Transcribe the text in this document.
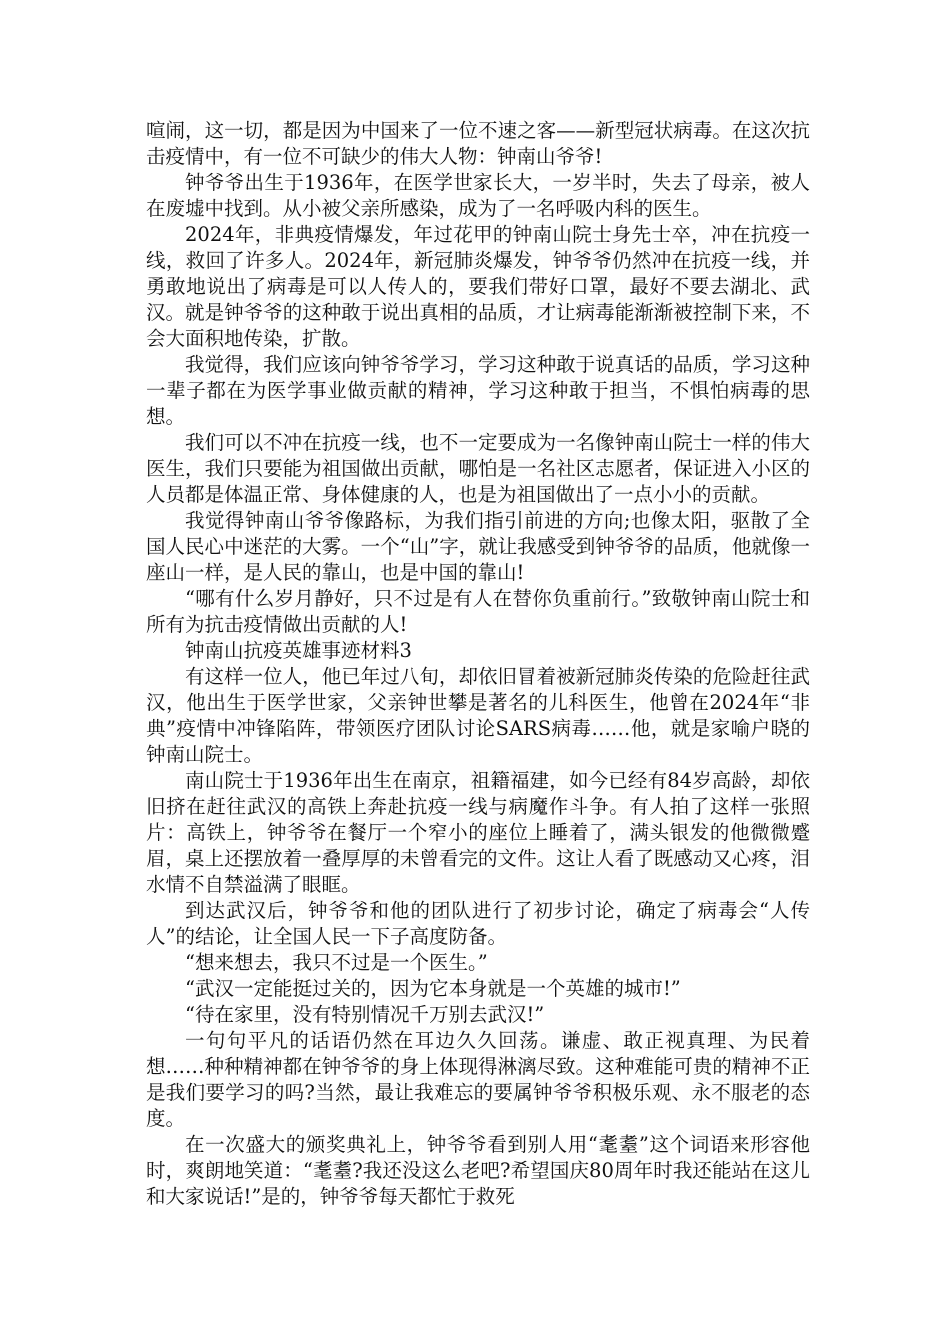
喧闹，这一切，都是因为中国来了一位不速之客——新型冠状病毒。在这次抗击疫情中，有一位不可缺少的伟大人物：钟南山爷爷!

钟爷爷出生于1936年，在医学世家长大，一岁半时，失去了母亲，被人在废墟中找到。从小被父亲所感染，成为了一名呼吸内科的医生。

2024年，非典疫情爆发，年过花甲的钟南山院士身先士卒，冲在抗疫一线，救回了许多人。2024年，新冠肺炎爆发，钟爷爷仍然冲在抗疫一线，并勇敢地说出了病毒是可以人传人的，要我们带好口罩，最好不要去湖北、武汉。就是钟爷爷的这种敢于说出真相的品质，才让病毒能渐渐被控制下来，不会大面积地传染，扩散。

我觉得，我们应该向钟爷爷学习，学习这种敢于说真话的品质，学习这种一辈子都在为医学事业做贡献的精神，学习这种敢于担当，不惧怕病毒的思想。

我们可以不冲在抗疫一线，也不一定要成为一名像钟南山院士一样的伟大医生，我们只要能为祖国做出贡献，哪怕是一名社区志愿者，保证进入小区的人员都是体温正常、身体健康的人，也是为祖国做出了一点小小的贡献。

我觉得钟南山爷爷像路标，为我们指引前进的方向;也像太阳，驱散了全国人民心中迷茫的大雾。一个“山”字，就让我感受到钟爷爷的品质，他就像一座山一样，是人民的靠山，也是中国的靠山!

“哪有什么岁月静好，只不过是有人在替你负重前行。”致敬钟南山院士和所有为抗击疫情做出贡献的人!

钟南山抗疫英雄事迹材料3

有这样一位人，他已年过八旬，却依旧冒着被新冠肺炎传染的危险赶往武汉，他出生于医学世家，父亲钟世攀是著名的儿科医生，他曾在2024年“非典”疫情中冲锋陷阵，带领医疗团队讨论SARS病毒……他，就是家喻户晓的钟南山院士。

南山院士于1936年出生在南京，祖籍福建，如今已经有84岁高龄，却依旧挤在赶往武汉的高铁上奔赴抗疫一线与病魔作斗争。有人拍了这样一张照片：高铁上，钟爷爷在餐厅一个窄小的座位上睡着了，满头银发的他微微蹙眉，桌上还摆放着一叠厚厚的未曾看完的文件。这让人看了既感动又心疼，泪水情不自禁溢满了眼眶。

到达武汉后，钟爷爷和他的团队进行了初步讨论，确定了病毒会“人传人”的结论，让全国人民一下子高度防备。

“想来想去，我只不过是一个医生。”

“武汉一定能挺过关的，因为它本身就是一个英雄的城市!”

“待在家里，没有特别情况千万别去武汉!”

一句句平凡的话语仍然在耳边久久回荡。谦虚、敢正视真理、为民着想……种种精神都在钟爷爷的身上体现得淋漓尽致。这种难能可贵的精神不正是我们要学习的吗?当然，最让我难忘的要属钟爷爷积极乐观、永不服老的态度。

在一次盛大的颁奖典礼上，钟爷爷看到别人用“耄耋”这个词语来形容他时，爽朗地笑道：“耄耋?我还没这么老吧?希望国庆80周年时我还能站在这儿和大家说话!”是的，钟爷爷每天都忙于救死
